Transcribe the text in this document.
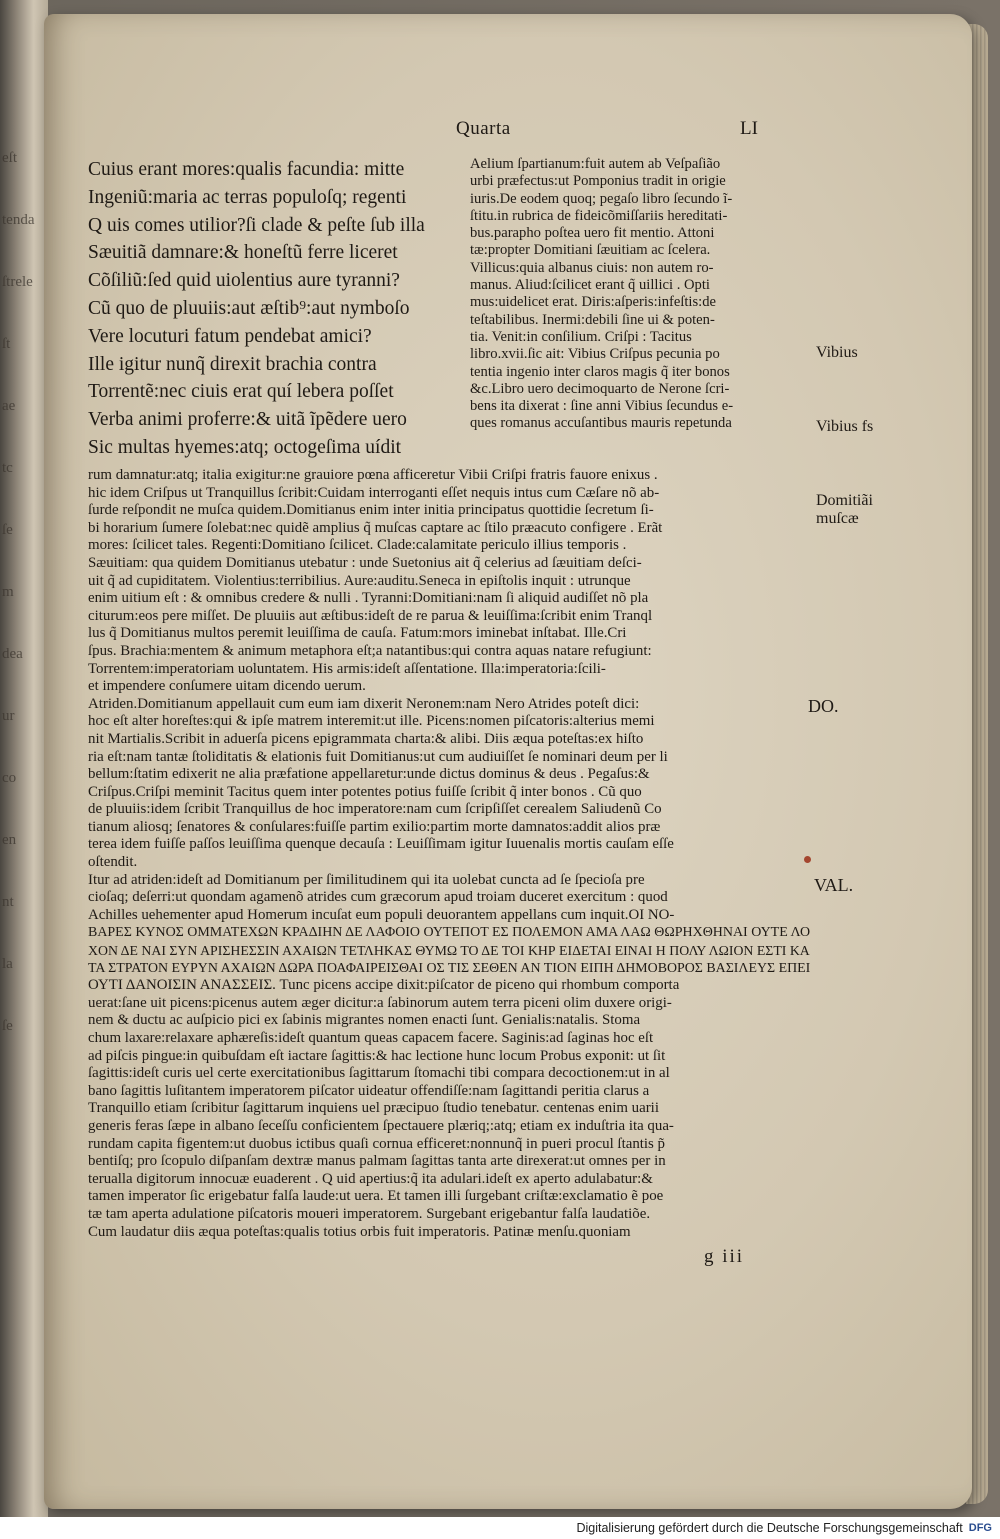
eſt
tenda
ſtrele
ſt
ae
tc
ſe
m
dea
ur
co
en
nt
la
ſe
Quarta	LI
Cuius erant mores:qualis facundia: mitte
Ingeniũ:maria ac terras populoſq; regenti
Q uis comes utilior?ſi clade & peſte ſub illa
Sæuitiã damnare:& honeſtũ ferre liceret
Cõſiliũ:ſed quid uiolentius aure tyranni?
Cũ quo de pluuiis:aut æſtib⁹:aut nymboſo
Vere locuturi fatum pendebat amici?
Ille igitur nunq̃ direxit brachia contra
Torrentẽ:nec ciuis erat quí lebera poſſet
Verba animi proferre:& uitã ĩpẽdere uero
Sic multas hyemes:atq; octogeſima uídit
Aelium ſpartianum:fuit autem ab Veſpaſião
urbi præfectus:ut Pomponius tradit in origie
iuris.De eodem quoq; pegaſo libro ſecundo ĩ-
ſtitu.in rubrica de fideicõmiſſariis hereditati-
bus.parapho poſtea uero fit mentio. Attoni
tæ:propter Domitiani ſæuitiam ac ſcelera.
Villicus:quia albanus ciuis: non autem ro-
manus. Aliud:ſcilicet erant q̃ uillici . Opti
mus:uidelicet erat. Diris:aſperis:infeſtis:de
teſtabilibus. Inermi:debili ſine ui & poten-
tia. Venit:in conſilium. Criſpi : Tacitus
libro.xvii.ſic ait: Vibius Criſpus pecunia po
tentia ingenio inter claros magis q̃ iter bonos
&c.Libro uero decimoquarto de Nerone ſcri-
bens ita dixerat : ſine anni Vibius ſecundus e-
ques romanus accuſantibus mauris repetunda
rum damnatur:atq; italia exigitur:ne grauiore pœna afficeretur Vibii Criſpi fratris fauore enixus .
hic idem Criſpus ut Tranquillus ſcribit:Cuidam interroganti eſſet nequis intus cum Cæſare nõ ab-
ſurde reſpondit ne muſca quidem.Domitianus enim inter initia principatus quottidie ſecretum ſi-
bi horarium ſumere ſolebat:nec quidẽ amplius q̃ muſcas captare ac ſtilo præacuto configere . Erãt
mores: ſcilicet tales. Regenti:Domitiano ſcilicet. Clade:calamitate periculo illius temporis .
Sæuitiam: qua quidem Domitianus utebatur : unde Suetonius ait q̃ celerius ad ſæuitiam deſci-
uit q̃ ad cupiditatem. Violentius:terribilius. Aure:auditu.Seneca in epiſtolis inquit : utrunque
enim uitium eſt : & omnibus credere & nulli . Tyranni:Domitiani:nam ſi aliquid audiſſet nõ pla
citurum:eos pere miſſet. De pluuiis aut æſtibus:ideſt de re parua & leuiſſima:ſcribit enim Tranql
lus q̃ Domitianus multos peremit leuiſſima de cauſa. Fatum:mors iminebat inſtabat. Ille.Cri
ſpus. Brachia:mentem & animum metaphora eſt;a natantibus:qui contra aquas natare refugiunt:
Torrentem:imperatoriam uoluntatem. His armis:ideſt aſſentatione. Illa:imperatoria:ſcili-
et impendere conſumere uitam dicendo uerum.
Atriden.Domitianum appellauit cum eum iam dixerit Neronem:nam Nero Atrides poteſt dici:
hoc eſt alter horeſtes:qui & ipſe matrem interemit:ut ille. Picens:nomen piſcatoris:alterius memi
nit Martialis.Scribit in aduerſa picens epigrammata charta:& alibi. Diis æqua poteſtas:ex hiſto
ria eſt:nam tantæ ſtoliditatis & elationis fuit Domitianus:ut cum audiuiſſet ſe nominari deum per li
bellum:ſtatim edixerit ne alia præfatione appellaretur:unde dictus dominus & deus . Pegaſus:&
Criſpus.Criſpi meminit Tacitus quem inter potentes potius fuiſſe ſcribit q̃ inter bonos . Cũ quo
de pluuiis:idem ſcribit Tranquillus de hoc imperatore:nam cum ſcripſiſſet cerealem Saliudenũ Co
tianum aliosq; ſenatores & conſulares:fuiſſe partim exilio:partim morte damnatos:addit alios præ
terea idem fuiſſe paſſos leuiſſima quenque decauſa : Leuiſſimam igitur Iuuenalis mortis cauſam eſſe
oſtendit.
Itur ad atriden:ideſt ad Domitianum per ſimilitudinem qui ita uolebat cuncta ad ſe ſpecioſa pre
cioſaq; deſerri:ut quondam agamenõ atrides cum græcorum apud troiam duceret exercitum : quod
Achilles uehementer apud Homerum incuſat eum populi deuorantem appellans cum inquit.ΟΙ ΝΟ-
ΒΑΡΕΣ ΚΥΝΟΣ ΟΜΜΑΤΕΧΩΝ ΚΡΑΔΙΗΝ ΔΕ ΛΑΦΟΙΟ ΟΥΤΕΠΟΤ ΕΣ ΠΟΛΕΜΟΝ ΑΜΑ ΛΑΩ ΘΩΡΗΧΘΗΝΑΙ ΟΥΤΕ ΛΟ
ΧΟΝ ΔΕ ΝΑΙ ΣΥΝ ΑΡΙΣΗΕΣΣΙΝ ΑΧΑΙΩΝ ΤΕΤΛΗΚΑΣ ΘΥΜΩ ΤΟ ΔΕ ΤΟΙ ΚΗΡ ΕΙΔΕΤΑΙ ΕΙΝΑΙ Η ΠΟΛΥ ΛΩΙΟΝ ΕΣΤΙ ΚΑ
ΤΑ ΣΤΡΑΤΟΝ ΕΥΡΥΝ ΑΧΑΙΩΝ ΔΩΡΑ ΠΟΑΦΑΙΡΕΙΣΘΑΙ ΟΣ ΤΙΣ ΣΕΘΕΝ ΑΝ ΤΙΟΝ ΕΙΠΗ ΔΗΜΟΒΟΡΟΣ ΒΑΣΙΛΕΥΣ ΕΠΕΙ
ΟΥΤΙ ΔΑΝΟΙΣΙΝ ΑΝΑΣΣΕΙΣ. Tunc picens accipe dixit:piſcator de piceno qui rhombum comporta
uerat:ſane uit picens:picenus autem æger dicitur:a ſabinorum autem terra piceni olim duxere origi-
nem & ductu ac auſpicio pici ex ſabinis migrantes nomen enacti ſunt. Genialis:natalis. Stoma
chum laxare:relaxare aphæreſis:ideſt quantum queas capacem facere. Saginis:ad ſaginas hoc eſt
ad piſcis pingue:in quibuſdam eſt iactare ſagittis:& hac lectione hunc locum Probus exponit: ut ſit
ſagittis:ideſt curis uel certe exercitationibus ſagittarum ſtomachi tibi compara decoctionem:ut in al
bano ſagittis luſitantem imperatorem piſcator uideatur offendiſſe:nam ſagittandi peritia clarus a
Tranquillo etiam ſcribitur ſagittarum inquiens uel præcipuo ſtudio tenebatur. centenas enim uarii
generis feras ſæpe in albano ſeceſſu conficientem ſpectauere plæriq;:atq; etiam ex induſtria ita qua-
rundam capita figentem:ut duobus ictibus quaſi cornua efficeret:nonnunq̃ in pueri procul ſtantis p̃
bentiſq; pro ſcopulo diſpanſam dextræ manus palmam ſagittas tanta arte direxerat:ut omnes per in
terualla digitorum innocuæ euaderent . Q uid apertius:q̃ ita adulari.ideſt ex aperto adulabatur:&
tamen imperator ſic erigebatur falſa laude:ut uera. Et tamen illi ſurgebant criſtæ:exclamatio ẽ poe
tæ tam aperta adulatione piſcatoris moueri imperatorem. Surgebant erigebantur falſa laudatiõe.
Cum laudatur diis æqua poteſtas:qualis totius orbis fuit imperatoris. Patinæ menſu.quoniam
Vibius
Vibius fs
Domitiãi
muſcæ
DO.
VAL.
g iii
Digitalisierung gefördert durch die Deutsche Forschungsgemeinschaft DFG
